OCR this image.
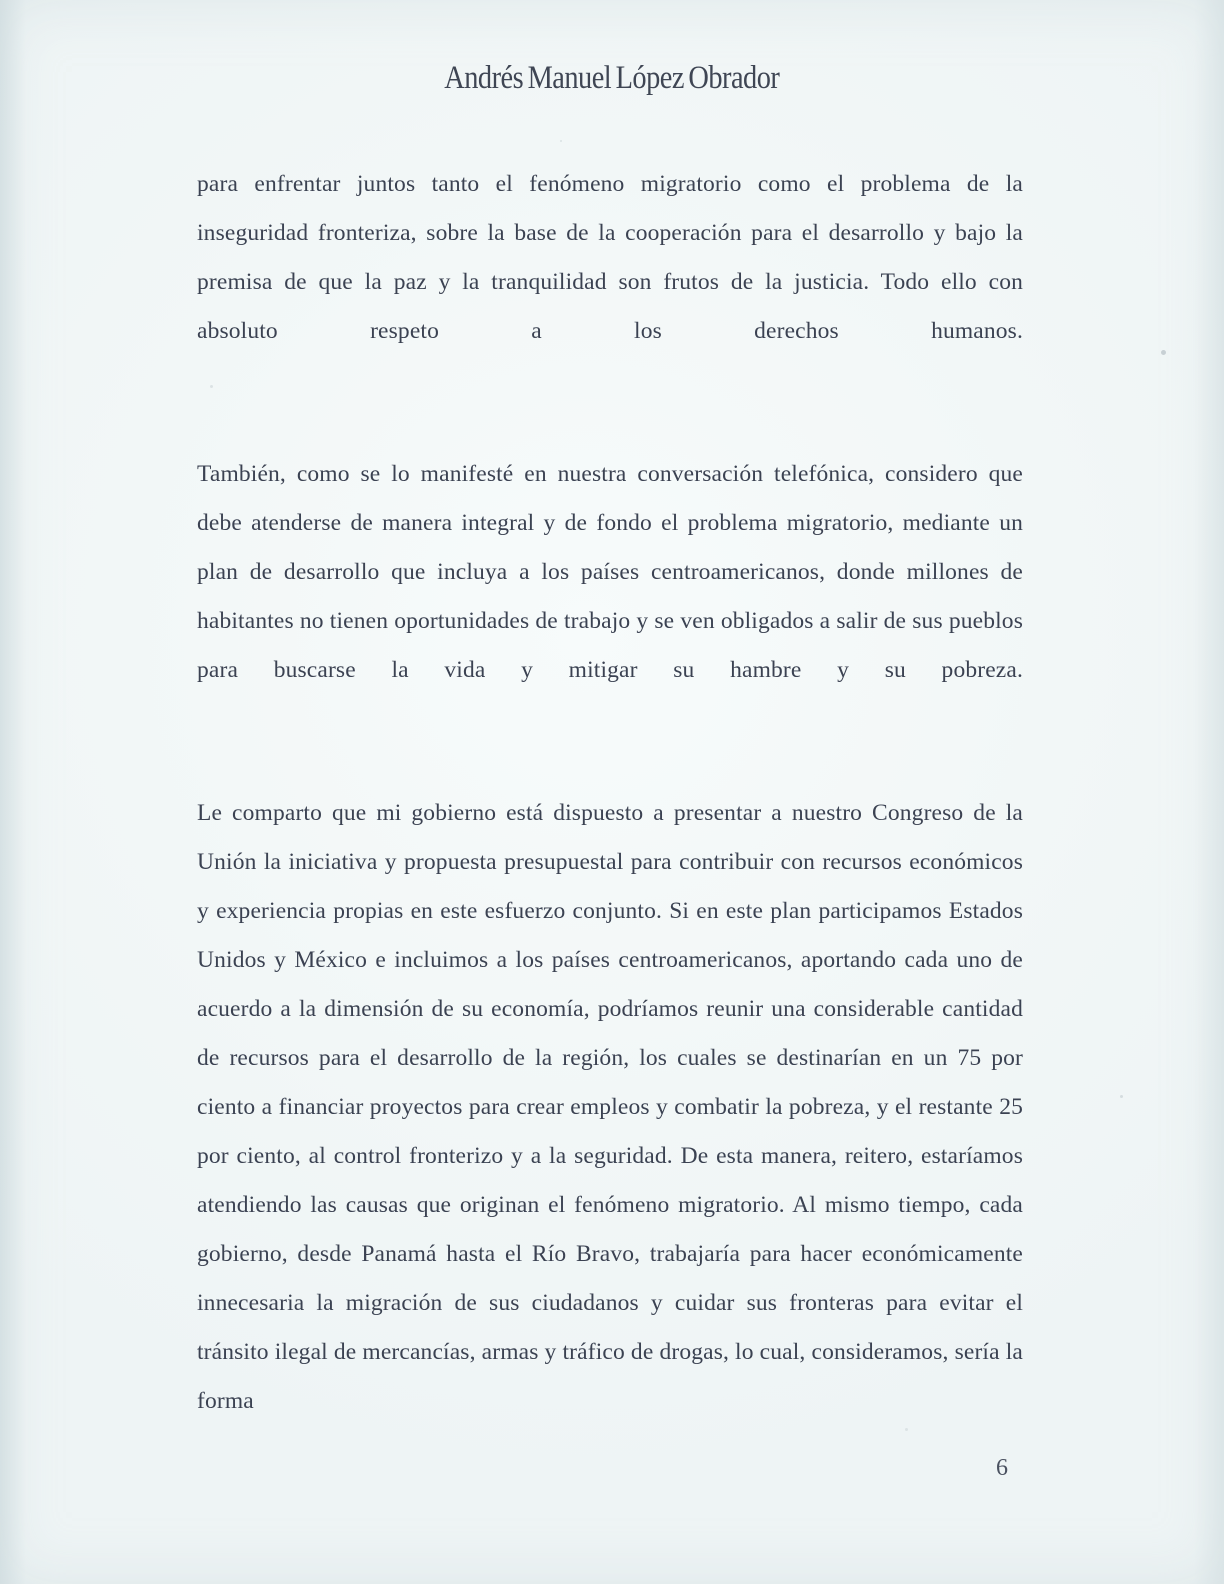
Andrés Manuel López Obrador

para enfrentar juntos tanto el fenómeno migratorio como el problema de la inseguridad fronteriza, sobre la base de la cooperación para el desarrollo y bajo la premisa de que la paz y la tranquilidad son frutos de la justicia. Todo ello con absoluto respeto a los derechos humanos.

También, como se lo manifesté en nuestra conversación telefónica, considero que debe atenderse de manera integral y de fondo el problema migratorio, mediante un plan de desarrollo que incluya a los países centroamericanos, donde millones de habitantes no tienen oportunidades de trabajo y se ven obligados a salir de sus pueblos para buscarse la vida y mitigar su hambre y su pobreza.

Le comparto que mi gobierno está dispuesto a presentar a nuestro Congreso de la Unión la iniciativa y propuesta presupuestal para contribuir con recursos económicos y experiencia propias en este esfuerzo conjunto. Si en este plan participamos Estados Unidos y México e incluimos a los países centroamericanos, aportando cada uno de acuerdo a la dimensión de su economía, podríamos reunir una considerable cantidad de recursos para el desarrollo de la región, los cuales se destinarían en un 75 por ciento a financiar proyectos para crear empleos y combatir la pobreza, y el restante 25 por ciento, al control fronterizo y a la seguridad. De esta manera, reitero, estaríamos atendiendo las causas que originan el fenómeno migratorio. Al mismo tiempo, cada gobierno, desde Panamá hasta el Río Bravo, trabajaría para hacer económicamente innecesaria la migración de sus ciudadanos y cuidar sus fronteras para evitar el tránsito ilegal de mercancías, armas y tráfico de drogas, lo cual, consideramos, sería la forma

6
